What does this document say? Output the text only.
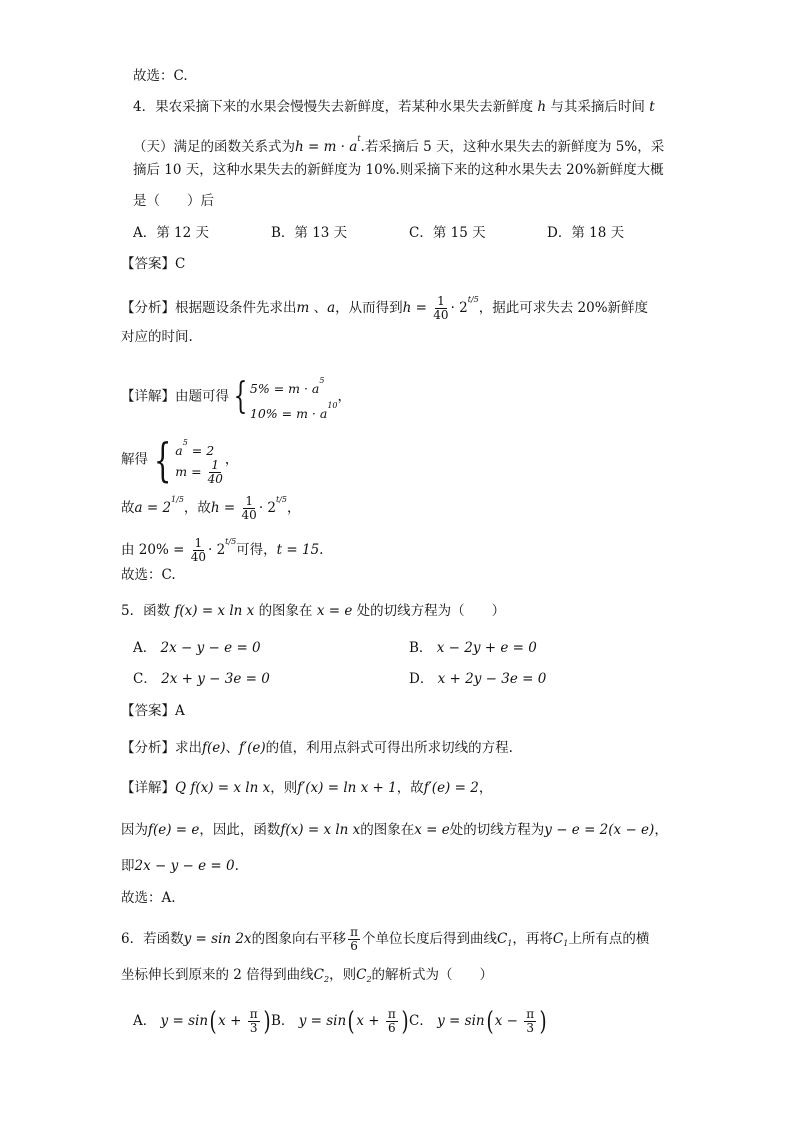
故选：C.
4．果农采摘下来的水果会慢慢失去新鲜度，若某种水果失去新鲜度 h 与其采摘后时间 t
（天）满足的函数关系式为$h = m \cdot a^t$.若采摘后 5 天，这种水果失去的新鲜度为 5%，采
摘后 10 天，这种水果失去的新鲜度为 10%.则采摘下来的这种水果失去 20%新鲜度大概
是（　　）后
A．第 12 天	B．第 13 天	C．第 15 天	D．第 18 天
【答案】C
【分析】根据题设条件先求出m 、a，从而得到$h = \frac{1}{40} \cdot 2^{t/5}$，据此可求失去 20%新鲜度
对应的时间.
【详解】由题可得 { $5\% = m \cdot a^5$
$10\% = m \cdot a^{10}$
，
解得 { $a^5 = 2$
$m = \frac{1}{40}$ ，
故$a = 2^{1/5}$，故$h = \frac{1}{40} \cdot 2^{t/5}$，
由 $20\% = \frac{1}{40} \cdot 2^{t/5}$可得，t = 15.
故选：C.
5．函数 f(x) = x ln x 的图象在 x = e 处的切线方程为（　　）
A． 2x − y − e = 0	B． x − 2y + e = 0
C． 2x + y − 3e = 0	D． x + 2y − 3e = 0
【答案】A
【分析】求出f(e)、f′(e)的值，利用点斜式可得出所求切线的方程.
【详解】Q f(x) = x ln x，则f′(x) = ln x + 1，故f′(e) = 2，
因为f(e) = e，因此，函数f(x) = x ln x的图象在x = e处的切线方程为y − e = 2(x − e)，
即2x − y − e = 0.
故选：A.
6．若函数y = sin 2x的图象向右平移 $\frac{\pi}{6}$ 个单位长度后得到曲线$C_1$，再将$C_1$上所有点的横
坐标伸长到原来的 2 倍得到曲线$C_2$，则$C_2$的解析式为（　　）
A． y = sin( $x + \frac{\pi}{3}$ ) B． y = sin( $x + \frac{\pi}{6}$ ) C． y = sin( $x - \frac{\pi}{3}$ )
